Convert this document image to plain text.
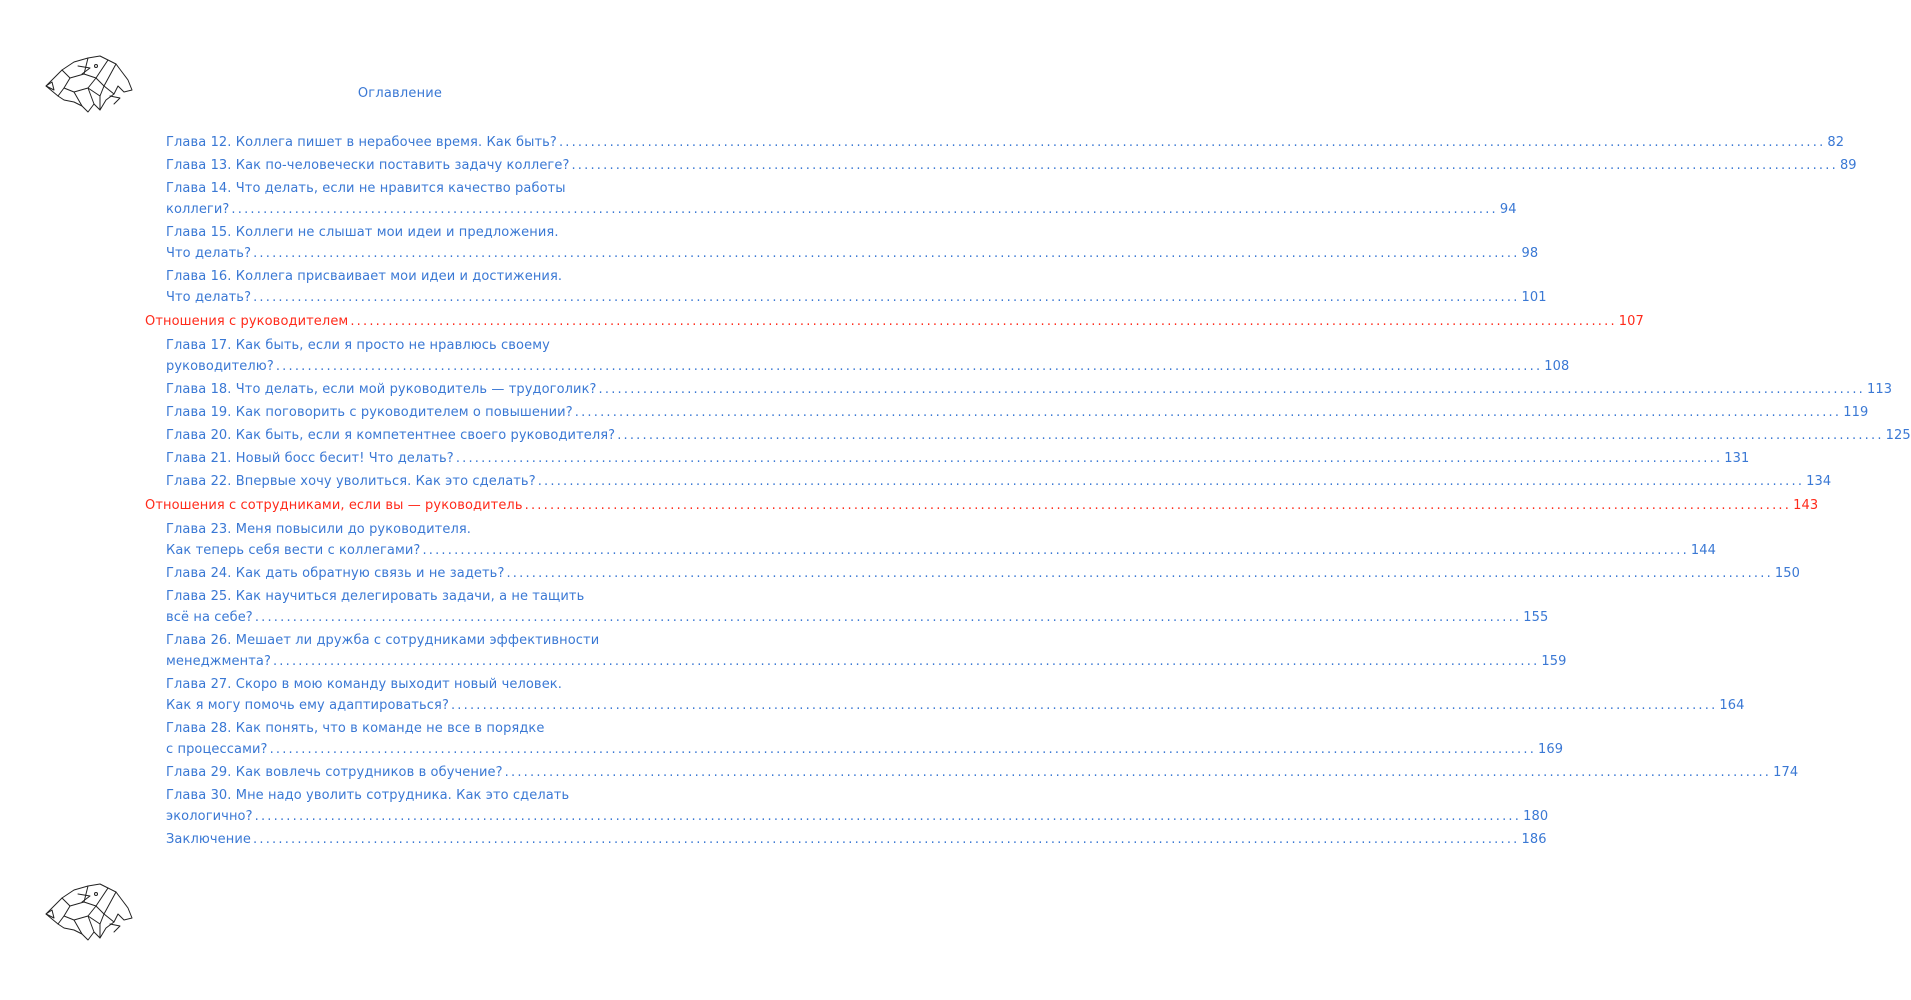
Оглавление
Глава 12. Коллега пишет в нерабочее время. Как быть? ........................................................................................................................................................................................................ 82
Глава 13. Как по-человечески поставить задачу коллеге? ........................................................................................................................................................................................................ 89
Глава 14. Что делать, если не нравится качество работы
коллеги? ........................................................................................................................................................................................................ 94
Глава 15. Коллеги не слышат мои идеи и предложения.
Что делать? ........................................................................................................................................................................................................ 98
Глава 16. Коллега присваивает мои идеи и достижения.
Что делать? ........................................................................................................................................................................................................ 101
Отношения с руководителем ........................................................................................................................................................................................................ 107
Глава 17. Как быть, если я просто не нравлюсь своему
руководителю? ........................................................................................................................................................................................................ 108
Глава 18. Что делать, если мой руководитель — трудоголик? ........................................................................................................................................................................................................ 113
Глава 19. Как поговорить с руководителем о повышении? ........................................................................................................................................................................................................ 119
Глава 20. Как быть, если я компетентнее своего руководителя? ........................................................................................................................................................................................................ 125
Глава 21. Новый босс бесит! Что делать? ........................................................................................................................................................................................................ 131
Глава 22. Впервые хочу уволиться. Как это сделать? ........................................................................................................................................................................................................ 134
Отношения с сотрудниками, если вы — руководитель ........................................................................................................................................................................................................ 143
Глава 23. Меня повысили до руководителя.
Как теперь себя вести с коллегами? ........................................................................................................................................................................................................ 144
Глава 24. Как дать обратную связь и не задеть? ........................................................................................................................................................................................................ 150
Глава 25. Как научиться делегировать задачи, а не тащить
всё на себе? ........................................................................................................................................................................................................ 155
Глава 26. Мешает ли дружба с сотрудниками эффективности
менеджмента? ........................................................................................................................................................................................................ 159
Глава 27. Скоро в мою команду выходит новый человек.
Как я могу помочь ему адаптироваться? ........................................................................................................................................................................................................ 164
Глава 28. Как понять, что в команде не все в порядке
с процессами? ........................................................................................................................................................................................................ 169
Глава 29. Как вовлечь сотрудников в обучение? ........................................................................................................................................................................................................ 174
Глава 30. Мне надо уволить сотрудника. Как это сделать
экологично? ........................................................................................................................................................................................................ 180
Заключение ........................................................................................................................................................................................................ 186
